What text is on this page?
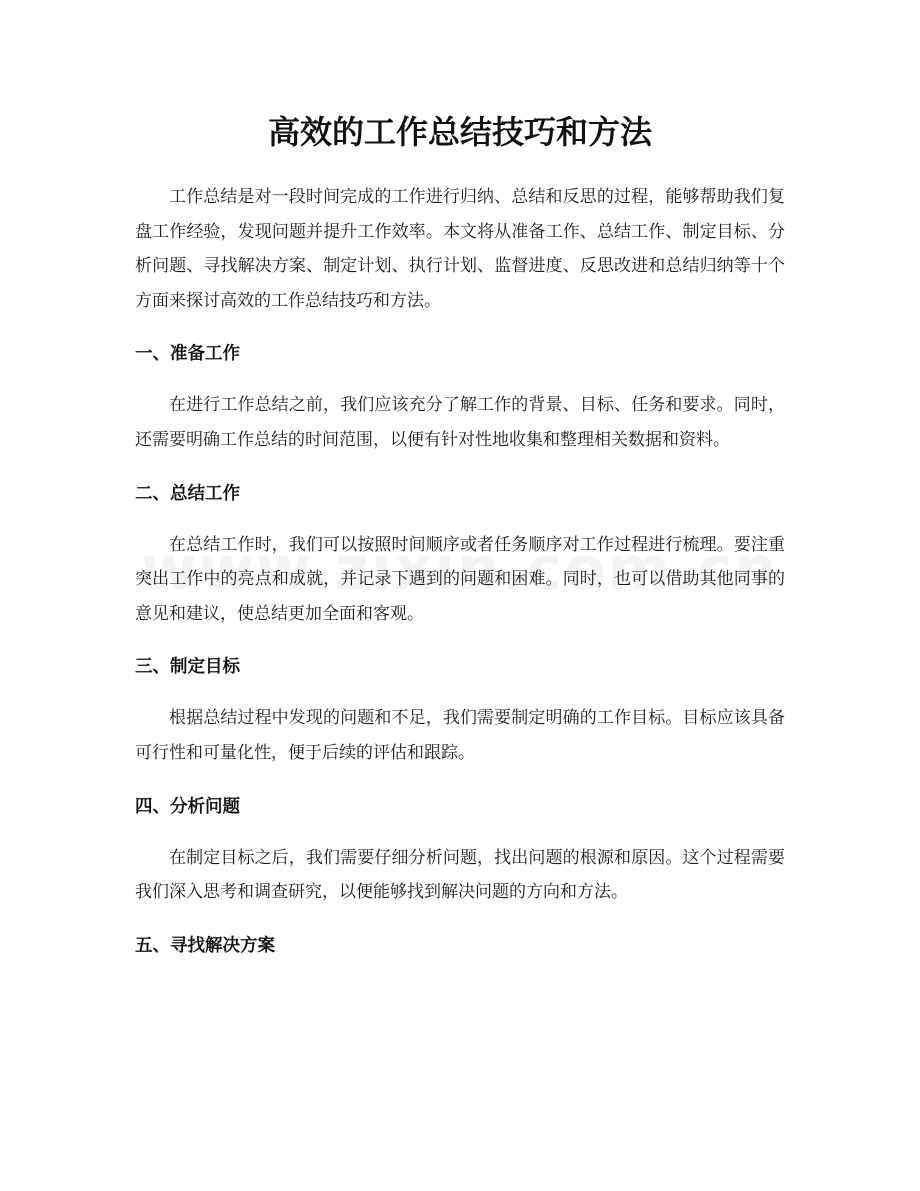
高效的工作总结技巧和方法

工作总结是对一段时间完成的工作进行归纳、总结和反思的过程，能够帮助我们复盘工作经验，发现问题并提升工作效率。本文将从准备工作、总结工作、制定目标、分析问题、寻找解决方案、制定计划、执行计划、监督进度、反思改进和总结归纳等十个方面来探讨高效的工作总结技巧和方法。

一、准备工作

在进行工作总结之前，我们应该充分了解工作的背景、目标、任务和要求。同时，还需要明确工作总结的时间范围，以便有针对性地收集和整理相关数据和资料。

二、总结工作

在总结工作时，我们可以按照时间顺序或者任务顺序对工作过程进行梳理。要注重突出工作中的亮点和成就，并记录下遇到的问题和困难。同时，也可以借助其他同事的意见和建议，使总结更加全面和客观。

三、制定目标

根据总结过程中发现的问题和不足，我们需要制定明确的工作目标。目标应该具备可行性和可量化性，便于后续的评估和跟踪。

四、分析问题

在制定目标之后，我们需要仔细分析问题，找出问题的根源和原因。这个过程需要我们深入思考和调查研究，以便能够找到解决问题的方向和方法。

五、寻找解决方案
